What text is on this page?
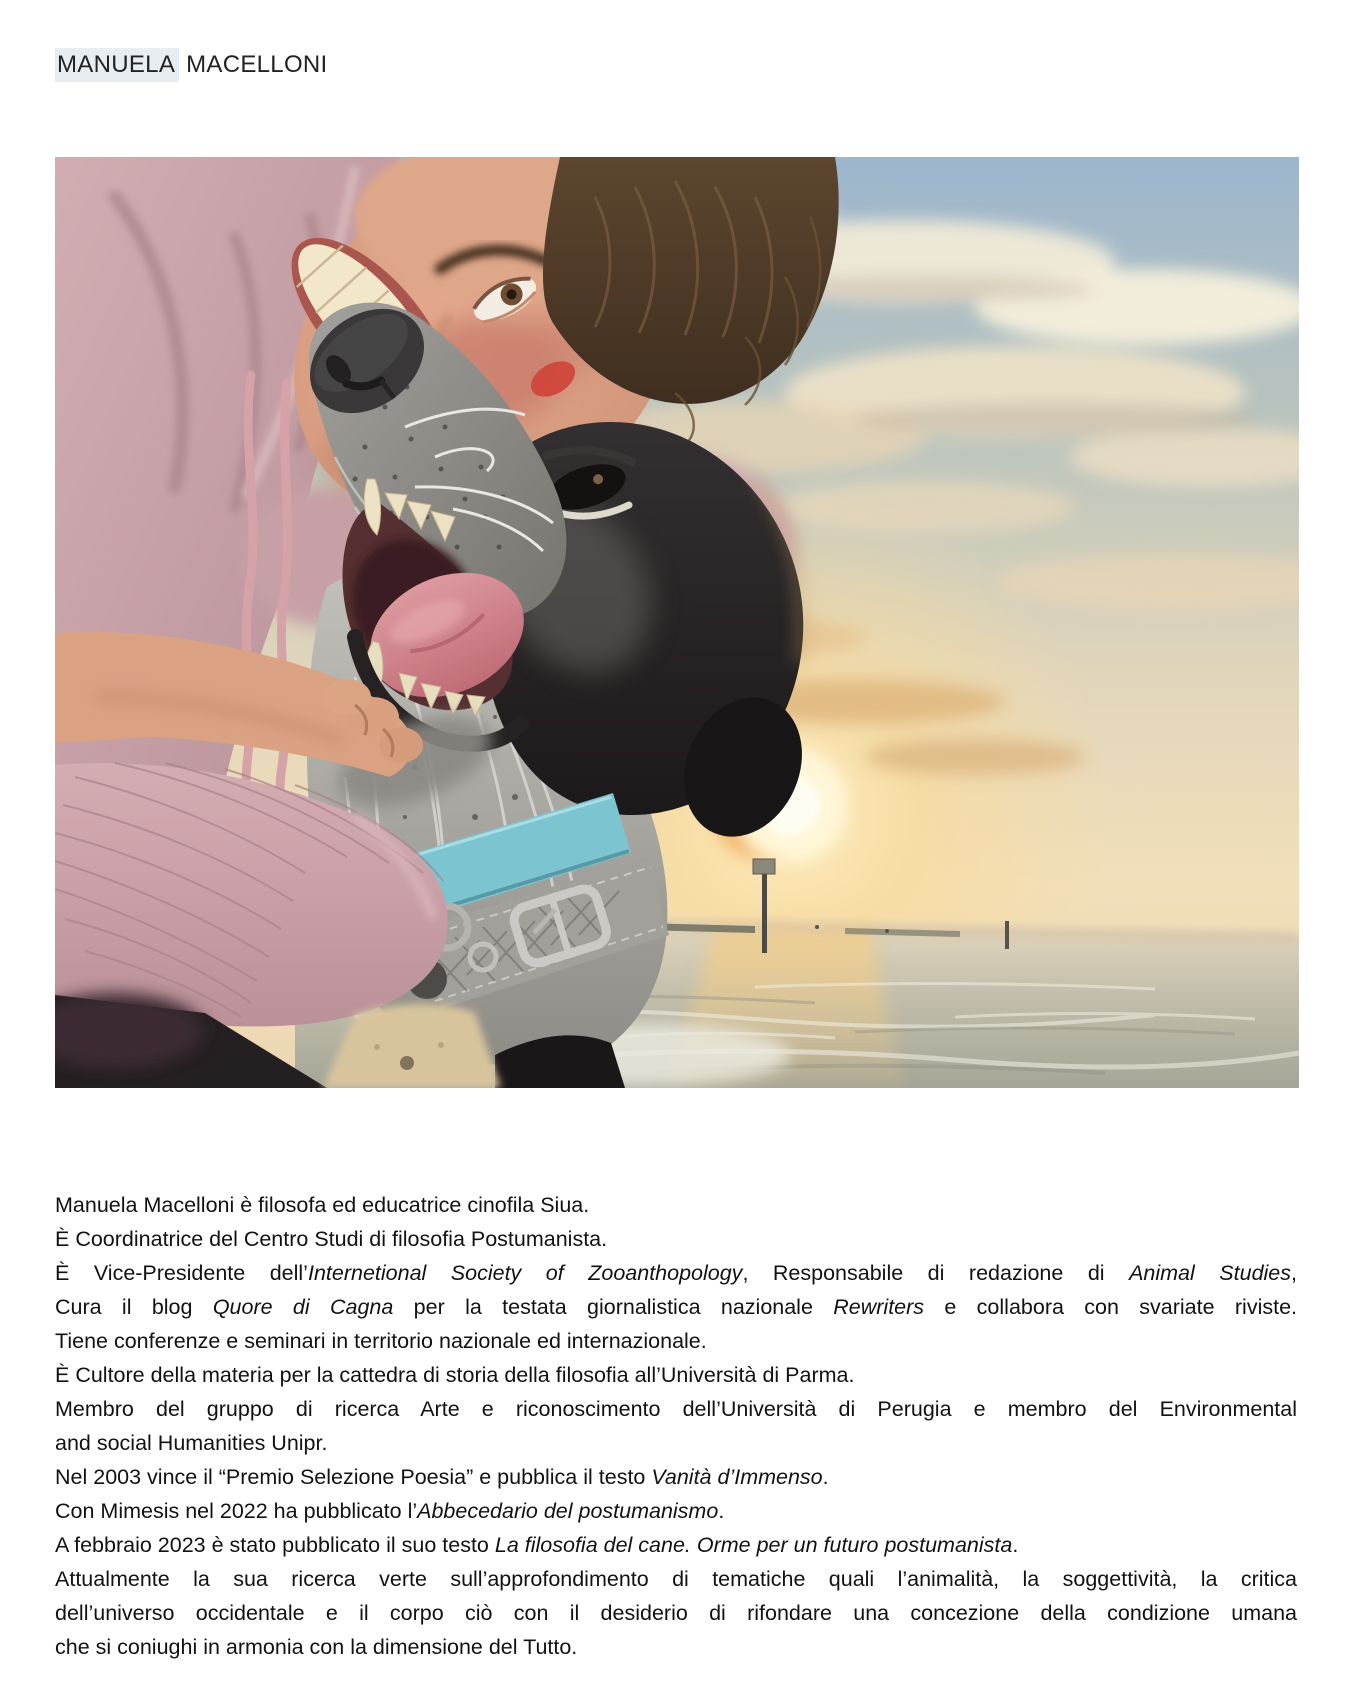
MANUELA MACELLONI
Manuela Macelloni è filosofa ed educatrice cinofila Siua.
È Coordinatrice del Centro Studi di filosofia Postumanista.
È Vice-Presidente dell’Internetional Society of Zooanthopology, Responsabile di redazione di Animal Studies,
Cura il blog Quore di Cagna per la testata giornalistica nazionale Rewriters e collabora con svariate riviste.
Tiene conferenze e seminari in territorio nazionale ed internazionale.
È Cultore della materia per la cattedra di storia della filosofia all’Università di Parma.
Membro del gruppo di ricerca Arte e riconoscimento dell’Università di Perugia e membro del Environmental
and social Humanities Unipr.
Nel 2003 vince il “Premio Selezione Poesia” e pubblica il testo Vanità d’Immenso.
Con Mimesis nel 2022 ha pubblicato l’Abbecedario del postumanismo.
A febbraio 2023 è stato pubblicato il suo testo La filosofia del cane. Orme per un futuro postumanista.
Attualmente la sua ricerca verte sull’approfondimento di tematiche quali l’animalità, la soggettività, la critica
dell’universo occidentale e il corpo ciò con il desiderio di rifondare una concezione della condizione umana
che si coniughi in armonia con la dimensione del Tutto.
